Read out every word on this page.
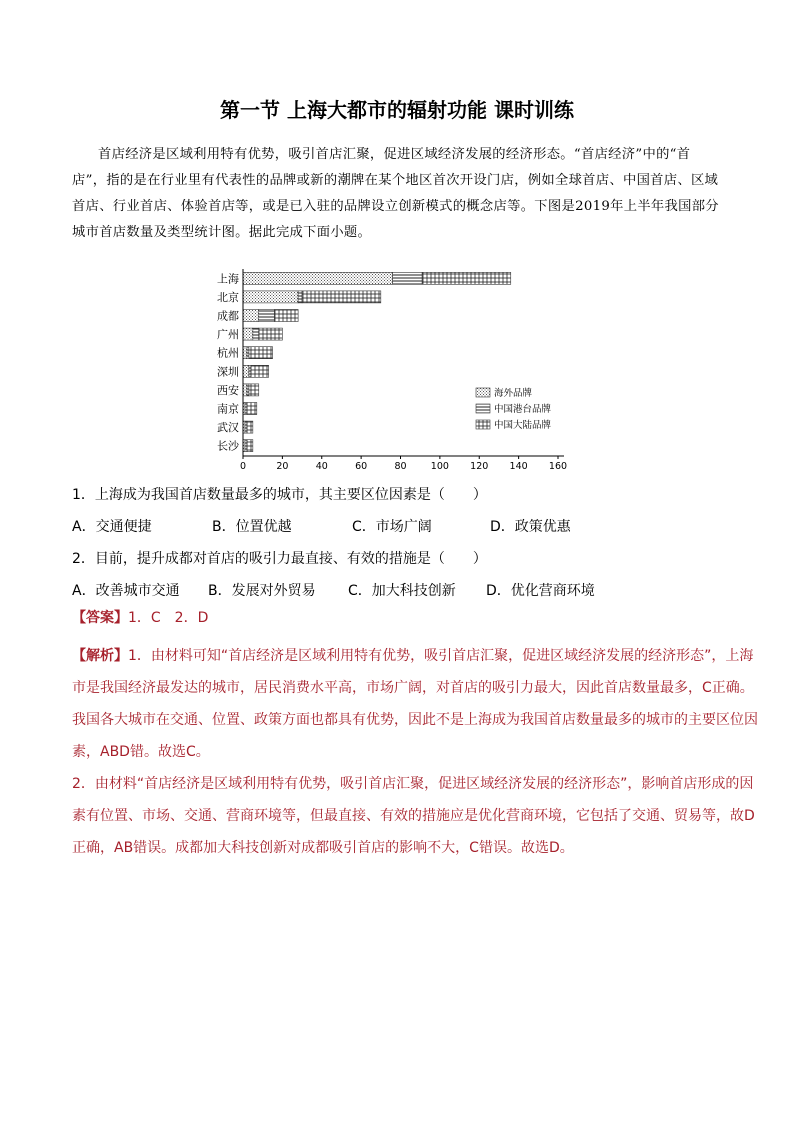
第一节 上海大都市的辐射功能 课时训练
首店经济是区域利用特有优势，吸引首店汇聚，促进区域经济发展的经济形态。“首店经济”中的“首店”，指的是在行业里有代表性的品牌或新的潮牌在某个地区首次开设门店，例如全球首店、中国首店、区域首店、行业首店、体验首店等，或是已入驻的品牌设立创新模式的概念店等。下图是2019年上半年我国部分城市首店数量及类型统计图。据此完成下面小题。
上海
北京
成都
广州
杭州
深圳
西安
南京
武汉
长沙
0	20	40	60	80	100 120 140 160
海外品牌
中国港台品牌
中国大陆品牌
1．上海成为我国首店数量最多的城市，其主要区位因素是（　　）
A．交通便捷	B．位置优越	C．市场广阔	D．政策优惠
2．目前，提升成都对首店的吸引力最直接、有效的措施是（　　）
A．改善城市交通 B．发展对外贸易 C．加大科技创新 D．优化营商环境
【答案】1．C　2．D

【解析】1．由材料可知“首店经济是区域利用特有优势，吸引首店汇聚，促进区域经济发展的经济形态”，上海市是我国经济最发达的城市，居民消费水平高，市场广阔，对首店的吸引力最大，因此首店数量最多，C正确。我国各大城市在交通、位置、政策方面也都具有优势，因此不是上海成为我国首店数量最多的城市的主要区位因素，ABD错。故选C。

2．由材料“首店经济是区域利用特有优势，吸引首店汇聚，促进区域经济发展的经济形态”，影响首店形成的因素有位置、市场、交通、营商环境等，但最直接、有效的措施应是优化营商环境，它包括了交通、贸易等，故D正确，AB错误。成都加大科技创新对成都吸引首店的影响不大，C错误。故选D。
